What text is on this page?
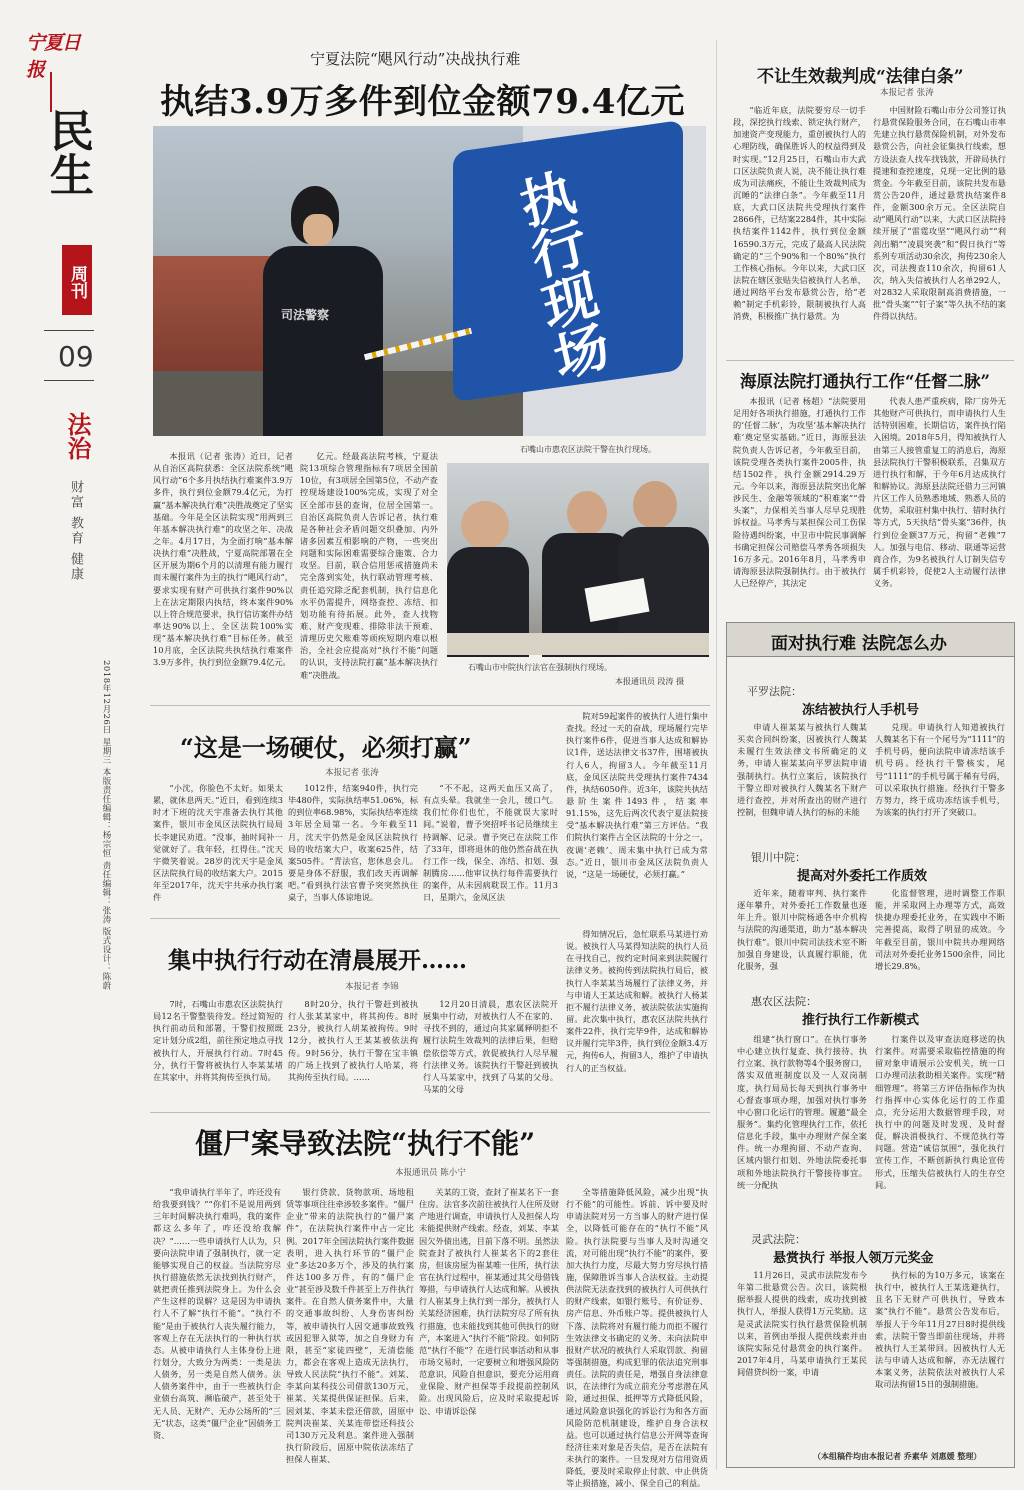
宁夏日报
民生
周刊
09
法治
财富 教育 健康
2018年12月26日 星期三 本版责任编辑：杨宗恒 责任编辑：张涛 版式设计：陈蔚
宁夏法院“飓风行动”决战执行难
执结3.9万多件到位金额79.4亿元
执行现场
司法警察
石嘴山市惠农区法院干警在执行现场。

本报讯（记者 张涛）近日，记者从自治区高院获悉：全区法院系统“飓风行动”6个多月执结执行难案件3.9万多件，执行到位金额79.4亿元，为打赢“基本解决执行难”决胜战奠定了坚实基础。今年是全区法院实现“用两到三年基本解决执行难”的攻坚之年、决战之年。4月17日，为全面打响“基本解决执行难”决胜战，宁夏高院部署在全区开展为期6个月的以清理有能力履行而未履行案件为主的执行“飓风行动”，要求实现有财产可供执行案件90%以上在法定期限内执结，终本案件90%以上符合规范要求，执行信访案件办结率达90%以上、全区法院100%实现“基本解决执行难”目标任务。截至10月底，全区法院共执结执行难案件3.9万多件，执行到位金额79.4亿元。

亿元。经最高法院考核，宁夏法院13项综合管理指标有7项居全国前10位，有3项居全国第5位，不动产查控现场建设100%完成，实现了对全区全部市县的查询，位居全国第一。自治区高院负责人告诉记者，执行难是各种社会矛盾问题交织叠加、内外诸多因素互相影响的产物，一些突出问题和实际困难需要综合施策、合力攻坚。目前，联合信用惩戒措施尚未完全落到实处，执行联动管理考核、责任追究除乏配套机制，执行信息化水平仍需提升，网络查控、冻结、扣划功能有待拓展。此外，查人找物难、财产变现难、排除非法干预难、清理历史欠账难等顽疾短期内难以根治，全社会应提高对“执行不能”问题的认识，支持法院打赢“基本解决执行难”决胜战。

石嘴山市中院执行法官在强制执行现场。
本报通讯员 段涛 摄
“这是一场硬仗，必须打赢”
本报记者 张涛

“小沈，你脸色不太好。如果太累，就休息两天。”近日，看到连续3时才下班的沈天宇准备去执行其他案件，银川市金凤区法院执行局局长李建民劝道。“没事，抽时间补一觉就好了。我年轻，扛得住。”沈天宇微笑着说。28岁的沈天宇是金凤区法院执行局的收结案大户。2015年至2017年，沈天宇共承办执行案件

1012件，结案940件，执行完毕480件，实际执结率51.06%，标的到位率68.98%，实际执结率连续3年居全局第一名。今年截至11月，沈天宇仍然是金凤区法院执行局的收结案大户，收案625件，结案505件。“青法官，您休息会儿。要是身体不舒服，我们改天再调解吧。”看到执行法官曹予突突然执住桌子，当事人体谅地说。

“不不起，这两天血压又高了，有点头晕。我就坐一会儿，缓口气。我们忙你们也忙，不能就误大家时间。”说着，曹予突招呼书记员继续主持调解、记录。曹予突已在法院工作了33年，即将退休的他仍然奋战在执行工作一线，保全、冻结、扣划、强制腾房……他审议执行每件需要执行的案件，从未因病耽误工作。11月3日，星期六，金凤区法

院对59起案件的被执行人进行集中查找。经过一天的奋战，现场履行完毕执行案件6件，促进当事人达成和解协议1件，送达法律文书37件，围堵被执行人6人，拘留3人。今年截至11月底，金凤区法院共受理执行案件7434件，执结6050件。近3年，该院共执结悬阶生案件1493件，结案率91.15%，这先后两次代表宁夏法院接受“基本解决执行难”第三方评估。“我们院执行案件占全区法院的十分之一，夜调‘老赖’、周末集中执行已成为常态。”近日，银川市金凤区法院负责人说，“这是一场硬仗，必须打赢。”

集中执行行动在清晨展开……
本报记者 李锦

7时，石嘴山市惠农区法院执行局12名干警整装待发。经过简短的执行前动员和部署，干警们按照既定计划分成2组，前往预定地点寻找被执行人，开展执行行动。7时45分，执行干警将被执行人李某某堵在其家中，并将其拘传至执行局。

8时20分，执行干警赶到被执行人张某某家中，将其拘传。8时23分，被执行人胡某被拘传。9时12分，被执行人王某某被依法拘传。9时56分，执行干警在宝丰镇的广场上找到了被执行人哈某，将其拘传至执行局。……

12月20日清晨，惠农区法院开展集中行动，对被执行人不在家的、寻找不到的，通过向其家属释明拒不履行法院生效裁判的法律后果，但赔偿依偿等方式，敦促被执行人尽早履行法律义务。该院执行干警赶到被执行人马某家中，找到了马某的父母。马某的父母

得知情况后，急忙联系马某进行劝说。被执行人马某得知法院的执行人员在寻找自己，按约定时间来到法院履行法律义务。被拘传到法院执行局后，被执行人李某某当场履行了法律义务，并与申请人王某达成和解。被执行人杨某拒不履行法律义务，被法院依法实施拘留。此次集中执行，惠农区法院共执行案件22件，执行完毕9件，达成和解协议并履行完毕3件，执行到位金额3.4万元，拘传6人，拘留3人，维护了申请执行人的正当权益。

僵尸案导致法院“执行不能”
本报通讯员 陈小宁

“我申请执行半年了，咋还没有给我要到钱？”“你们不是说用两到三年时间解决执行难吗，我的案件都这么多年了，咋还没给我解决？”……一些申请执行人认为，只要向法院申请了强制执行，就一定能够实现自己的权益。当法院穷尽执行措施依然无法找到执行财产，就把责任推到法院身上。为什么会产生这样的误解？这是因为申请执行人不了解“执行不能”。“执行不能”是由于被执行人丧失履行能力，客观上存在无法执行的一种执行状态。从被申请执行人主体身份上进行划分，大致分为两类：一类是法人债务，另一类是自然人债务。法人债务案件中，由于一些被执行企业债台高筑、濒临破产，甚至处于无人员、无财产、无办公场所的“三无”状态，这类“僵尸企业”因债务工资、

银行贷款、货物款项、场地租赁等事项往往牵涉较多案件。“僵尸企业”带来的法院执行的“僵尸案件”，在法院执行案件中占一定比例。2017年全国法院执行案件数据表明，进入执行环节的“僵尸企业”多达20多万个，涉及的执行案件达100多万件，有的“僵尸企业”甚至涉及数千件甚至上万件执行案件。在自然人债务案件中，大量的交通事故纠纷、人身伤害纠纷等，被申请执行人因交通事故致残或因犯罪入狱等，加之自身财力有限，甚至“家徒四壁”，无清偿能力，都会在客观上造成无法执行，导致人民法院“执行不能”。刘某、李某向某科技公司借款130万元，崔某、关某提供保证担保。后来，因刘某、李某未偿还借款，固原中院判决崔某、关某连带偿还科技公司130万元及利息。案件进入强制执行阶段后，固原中院依法冻结了担保人崔某、

关某的工资，查封了崔某名下一套住房。法官多次前往被执行人住所及财产地进行调查，申请执行人及担保人均未能提供财产线索。经查，刘某、李某因欠外债出逃，目前下落不明。虽然法院查封了被执行人崔某名下的2套住房，但该房屋为崔某唯一住所，执行法官在执行过程中，崔某通过其父母借钱筹措，与申请执行人达成和解。从被执行人崔某身上执行到一部分，被执行人关某经济困难，执行法院穷尽了所有执行措施，也未能找到其他可供执行的财产，本案进入“执行不能”阶段。如何防范“执行不能”？在进行民事活动和从事市场交易时，一定要树立和增强风险防范意识，风险自担意识，要充分运用商业保险、财产担保等手段提前控制风险。出现风险后，应及时采取提起诉讼、申请诉讼保

全等措施降低风险，减少出现“执行不能”的可能性。诉前、诉中要及时申请法院对另一方当事人的财产进行保全，以降低可能存在的“执行不能”风险。执行法院要与当事人及时沟通交流，对可能出现“执行不能”的案件，要加大执行力度，尽最大努力穷尽执行措施，保障胜诉当事人合法权益。主动提供法院无法查找到的被执行人可供执行的财产线索，如银行账号、有价证券、房产信息、外币账户等。提供被执行人下落、法院将对有履行能力而拒不履行生效法律文书确定的义务、未向法院申报财产状况的被执行人采取罚款、拘留等强制措施，构成犯罪的依法追究刑事责任。法院的责任是，增强自身法律意识，在法律行为成立前充分考虑潜在风险，通过担保、抵押等方式降低风险，通过风险意识强化的诉讼行为和各方面风险防范机制建设，维护自身合法权益。也可以通过执行信息公开网等查询经济往来对象是否失信，是否在法院有未执行的案件。一旦发现对方信用资质降低，要及时采取停止付款、中止供货等止损措施，减小、保全自己的利益。

不让生效裁判成“法律白条”
本报记者 张涛

“临近年底，法院要穷尽一切手段，深挖执行线索、锁定执行财产，加速资产变现能力，重创被执行人的心理防线，确保胜诉人的权益得到及时实现。”12月25日，石嘴山市大武口区法院负责人说，决不能让执行难成为司法痛疾，不能让生效裁判成为沉睡的“法律白条”。今年截至11月底，大武口区法院共受理执行案件2866件，已结案2284件，其中实际执结案件1142件，执行到位金额16590.3万元，完成了最高人民法院确定的“三个90%和一个80%”执行工作核心指标。今年以来，大武口区法院在辖区张贴失信被执行人名单，通过网络平台发布悬赏公告，给“老赖”制定手机彩铃，限制被执行人高消费，积极推广执行悬赏。为

中国财险石嘴山市分公司签订执行悬赏保险服务合同，在石嘴山市率先建立执行悬赏保险机制，对外发布悬赏公告，向社会征集执行线索，想方设法查人找车找钱款，开辟局执行提速和查控速度，兑现一定比例的悬赏金。今年截至目前，该院共发布悬赏公告20件，通过悬赏执结案件8件，金额300余万元。全区法院自动“飓风行动”以来，大武口区法院持续开展了“雷霆攻坚”“飓风行动”“利剑出鞘”“凌晨突袭”和“假日执行”等系列专项活动30余次，拘传230余人次，司法搜查110余次，拘留61人次，纳入失信被执行人名单292人，对2832人采取限制高消费措施，一批“骨头案”“钉子案”等久执不结的案件得以执结。

海原法院打通执行工作“任督二脉”

本报讯（记者 杨超）“法院要用足用好各项执行措施，打通执行工作的‘任督二脉’，为攻坚‘基本解决执行难’奠定坚实基础。”近日，海原县法院负责人告诉记者，今年截至目前，该院受理各类执行案件2005件，执结1502件，执行金额2914.29万元。今年以来，海原县法院突出化解涉民生、金融等领域的“积难案”“骨头案”，力保相关当事人尽早兑现胜诉权益。马孝秀与某担保公司工伤保险待遇纠纷案，中卫市中院民事调解书确定担保公司赔偿马孝秀各项损失16万多元。2016年8月，马孝秀申请海原县法院强制执行。由于被执行人已经停产，其法定

代表人患严重疾病，除厂房外无其他财产可供执行，而申请执行人生活特别困难，长期信访，案件执行陷入困境。2018年5月，得知被执行人由第三人接管重复工的消息后，海原县法院执行干警积极联系，召集双方进行执行和解，于今年6月达成执行和解协议。海原县法院还借力三河镇片区工作人员熟悉地域、熟悉人员的优势，采取驻村集中执行、错时执行等方式，5天执结“骨头案”36件，执行到位金额37万元，拘留“老赖”7人。加强与电信、移动、联通等运营商合作，为9名被执行人订制失信专属手机彩铃，促使2人主动履行法律义务。

面对执行难 法院怎么办
平罗法院：
冻结被执行人手机号

申请人崔某某与被执行人魏某买卖合同纠纷案，因被执行人魏某未履行生效法律文书所确定的义务，申请人崔某某向平罗法院申请强制执行。执行立案后，该院执行干警立即对被执行人魏某名下财产进行查控，并对所查出的财产进行控制，但魏申请人执行的标的未能

兑现。申请执行人知道被执行人魏某名下有一个尾号为“1111”的手机号码，便向法院申请冻结该手机号码。经执行干警核实，尾号“1111”的手机号属于稀有号码，可以采取执行措施。经执行干警多方努力，终于成功冻结该手机号，为该案的执行打开了突破口。

银川中院：
提高对外委托工作质效

近年来，随着审判、执行案件逐年攀升，对外委托工作数量也逐年上升。银川中院杨通各中介机构与法院的沟通渠道，助力“基本解决执行难”。银川中院司法技术室不断加强自身建设，认真履行职能，优化服务，强

化监督管理，进时调整工作职能，并采取网上办理等方式，高效快捷办理委托业务，在实践中不断完善提高，取得了明显的成效。今年截至目前，银川中院共办理网络司法对外委托业务1500余件，同比增长29.8%。

惠农区法院：
推行执行工作新模式

组建“执行窗口”。在执行事务中心建立执行复查、执行接待、执行立案、执行款物等4个服务窗口，落实双值班制度以及一人双岗制度，执行局局长每天到执行事务中心督查事项办理，加强对执行事务中心窗口化运行的管理。履邀“最全服务”。集约化管理执行工作，依托信息化手段，集中办理财产保全案件。统一办理拘留、不动产查询、区域内银行扣划、外地法院委托事项和外地法院执行干警接待事宜。统一分配执

行案件以及审查法庭移送的执行案件。对需要采取临控措施的拘留对象申请展示公安机关，统一口口办理司法救助相关案件。实现“精细管理”。将第三方评估指标作为执行指挥中心实体化运行的工作重点，充分运用大数据管理手段，对执行中的问题及时发现、及时督促，解决消极执行、不规范执行等问题。营造“诚信氛围”，强化执行宣传工作，不断创新执行典论宣传形式，压缩失信被执行人的生存空间。

灵武法院：
悬赏执行 举报人领万元奖金

11月26日，灵武市法院发布今年第二批悬赏公告。次日，该院根据举报人提供的线索，成功找到被执行人，举报人获得1万元奖励。这是灵武法院实行执行悬赏保险机制以来，首例由举报人提供线索并由该院实际兑付悬赏金的执行案件。2017年4月，马某申请执行王某民间借贷纠纷一案，申请

执行标的为10万多元，该案在执行中，被执行人王某选避执行，且名下无财产可供执行，导致本案“执行不能”。悬赏公告发布后，举报人于今年11月27日8时提供线索，法院干警当即前往现场，并将被执行人王某带回。因被执行人无法与申请人达成和解，亦无法履行本案义务，法院依法对被执行人采取司法拘留15日的强制措施。

（本组稿件均由本报记者 乔素华 刘惠媛 整理）
